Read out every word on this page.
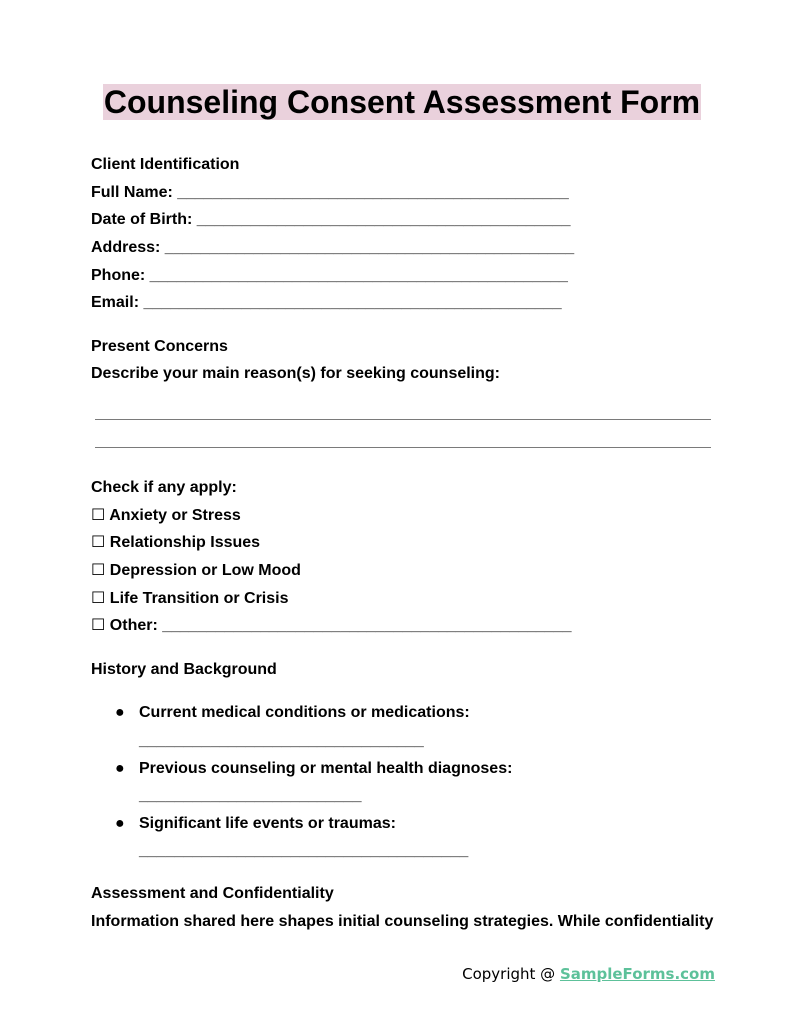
Counseling Consent Assessment Form
Client Identification
Full Name: ____________________________________________
Date of Birth: __________________________________________
Address: ______________________________________________
Phone: _______________________________________________
Email: _______________________________________________
Present Concerns
Describe your main reason(s) for seeking counseling:
Check if any apply:
☐ Anxiety or Stress
☐ Relationship Issues
☐ Depression or Low Mood
☐ Life Transition or Crisis
☐ Other: ______________________________________________
History and Background
● Current medical conditions or medications:
________________________________
● Previous counseling or mental health diagnoses:
_________________________
● Significant life events or traumas:
_____________________________________
Assessment and Confidentiality
Information shared here shapes initial counseling strategies. While confidentiality
Copyright @ SampleForms.com
